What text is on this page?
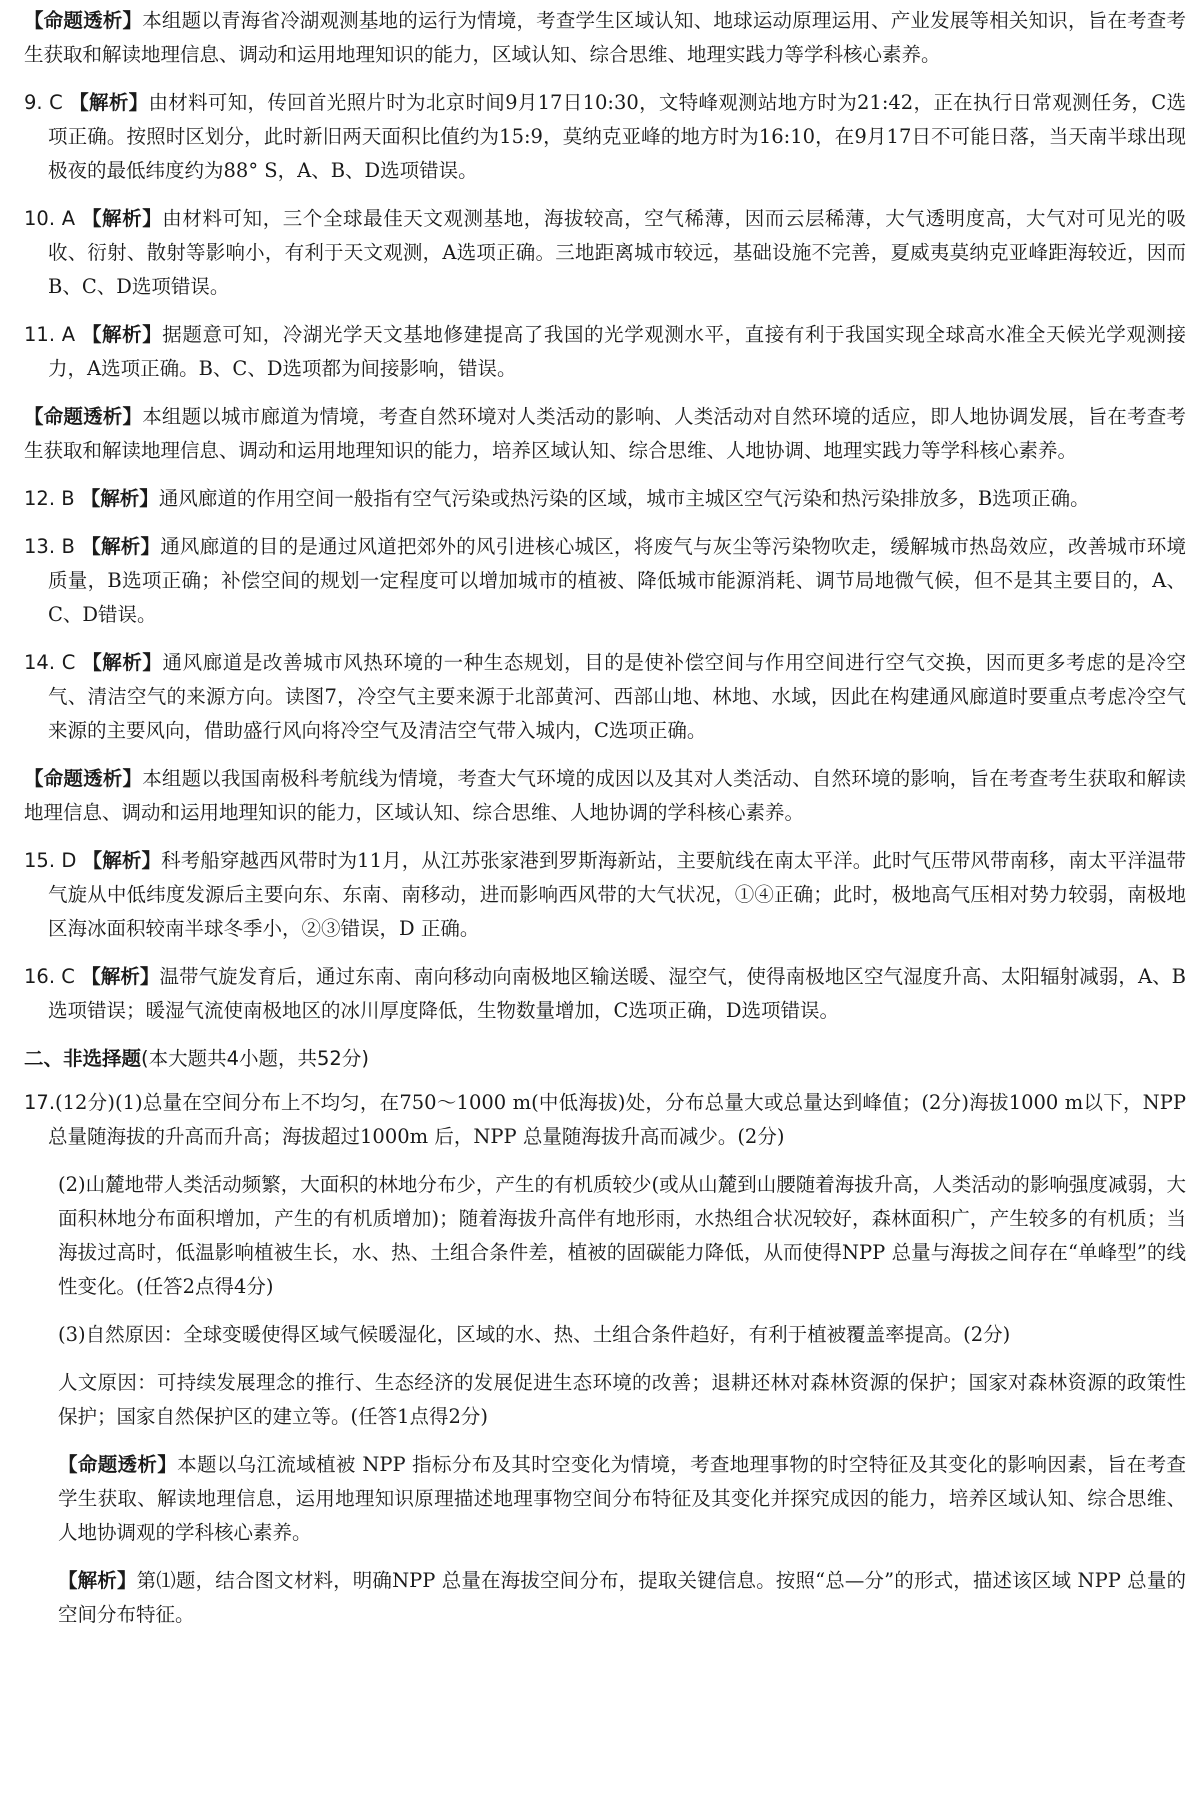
【命题透析】本组题以青海省冷湖观测基地的运行为情境，考查学生区域认知、地球运动原理运用、产业发展等相关知识，旨在考查考生获取和解读地理信息、调动和运用地理知识的能力，区域认知、综合思维、地理实践力等学科核心素养。

9. C 【解析】由材料可知，传回首光照片时为北京时间9月17日10:30，文特峰观测站地方时为21:42，正在执行日常观测任务，C选项正确。按照时区划分，此时新旧两天面积比值约为15:9，莫纳克亚峰的地方时为16:10，在9月17日不可能日落，当天南半球出现极夜的最低纬度约为88° S，A、B、D选项错误。

10. A 【解析】由材料可知，三个全球最佳天文观测基地，海拔较高，空气稀薄，因而云层稀薄，大气透明度高，大气对可见光的吸收、衍射、散射等影响小，有利于天文观测，A选项正确。三地距离城市较远，基础设施不完善，夏威夷莫纳克亚峰距海较近，因而B、C、D选项错误。

11. A 【解析】据题意可知，冷湖光学天文基地修建提高了我国的光学观测水平，直接有利于我国实现全球高水准全天候光学观测接力，A选项正确。B、C、D选项都为间接影响，错误。

【命题透析】本组题以城市廊道为情境，考查自然环境对人类活动的影响、人类活动对自然环境的适应，即人地协调发展，旨在考查考生获取和解读地理信息、调动和运用地理知识的能力，培养区域认知、综合思维、人地协调、地理实践力等学科核心素养。

12. B 【解析】通风廊道的作用空间一般指有空气污染或热污染的区域，城市主城区空气污染和热污染排放多，B选项正确。

13. B 【解析】通风廊道的目的是通过风道把郊外的风引进核心城区，将废气与灰尘等污染物吹走，缓解城市热岛效应，改善城市环境质量，B选项正确；补偿空间的规划一定程度可以增加城市的植被、降低城市能源消耗、调节局地微气候，但不是其主要目的，A、C、D错误。

14. C 【解析】通风廊道是改善城市风热环境的一种生态规划，目的是使补偿空间与作用空间进行空气交换，因而更多考虑的是冷空气、清洁空气的来源方向。读图7，冷空气主要来源于北部黄河、西部山地、林地、水域，因此在构建通风廊道时要重点考虑冷空气来源的主要风向，借助盛行风向将冷空气及清洁空气带入城内，C选项正确。

【命题透析】本组题以我国南极科考航线为情境，考查大气环境的成因以及其对人类活动、自然环境的影响，旨在考查考生获取和解读地理信息、调动和运用地理知识的能力，区域认知、综合思维、人地协调的学科核心素养。

15. D 【解析】科考船穿越西风带时为11月，从江苏张家港到罗斯海新站，主要航线在南太平洋。此时气压带风带南移，南太平洋温带气旋从中低纬度发源后主要向东、东南、南移动，进而影响西风带的大气状况，①④正确；此时，极地高气压相对势力较弱，南极地区海冰面积较南半球冬季小，②③错误，D 正确。

16. C 【解析】温带气旋发育后，通过东南、南向移动向南极地区输送暖、湿空气，使得南极地区空气湿度升高、太阳辐射减弱，A、B选项错误；暖湿气流使南极地区的冰川厚度降低，生物数量增加，C选项正确，D选项错误。

二、非选择题(本大题共4小题，共52分)

17.(12分)(1)总量在空间分布上不均匀，在750～1000 m(中低海拔)处，分布总量大或总量达到峰值；(2分)海拔1000 m以下，NPP 总量随海拔的升高而升高；海拔超过1000m 后，NPP 总量随海拔升高而减少。(2分)

(2)山麓地带人类活动频繁，大面积的林地分布少，产生的有机质较少(或从山麓到山腰随着海拔升高，人类活动的影响强度减弱，大面积林地分布面积增加，产生的有机质增加)；随着海拔升高伴有地形雨，水热组合状况较好，森林面积广，产生较多的有机质；当海拔过高时，低温影响植被生长，水、热、土组合条件差，植被的固碳能力降低，从而使得NPP 总量与海拔之间存在“单峰型”的线性变化。(任答2点得4分)

(3)自然原因：全球变暖使得区域气候暖湿化，区域的水、热、土组合条件趋好，有利于植被覆盖率提高。(2分)

人文原因：可持续发展理念的推行、生态经济的发展促进生态环境的改善；退耕还林对森林资源的保护；国家对森林资源的政策性保护；国家自然保护区的建立等。(任答1点得2分)

【命题透析】本题以乌江流域植被 NPP 指标分布及其时空变化为情境，考查地理事物的时空特征及其变化的影响因素，旨在考查学生获取、解读地理信息，运用地理知识原理描述地理事物空间分布特征及其变化并探究成因的能力，培养区域认知、综合思维、人地协调观的学科核心素养。

【解析】第⑴题，结合图文材料，明确NPP 总量在海拔空间分布，提取关键信息。按照“总—分”的形式，描述该区域 NPP 总量的空间分布特征。
